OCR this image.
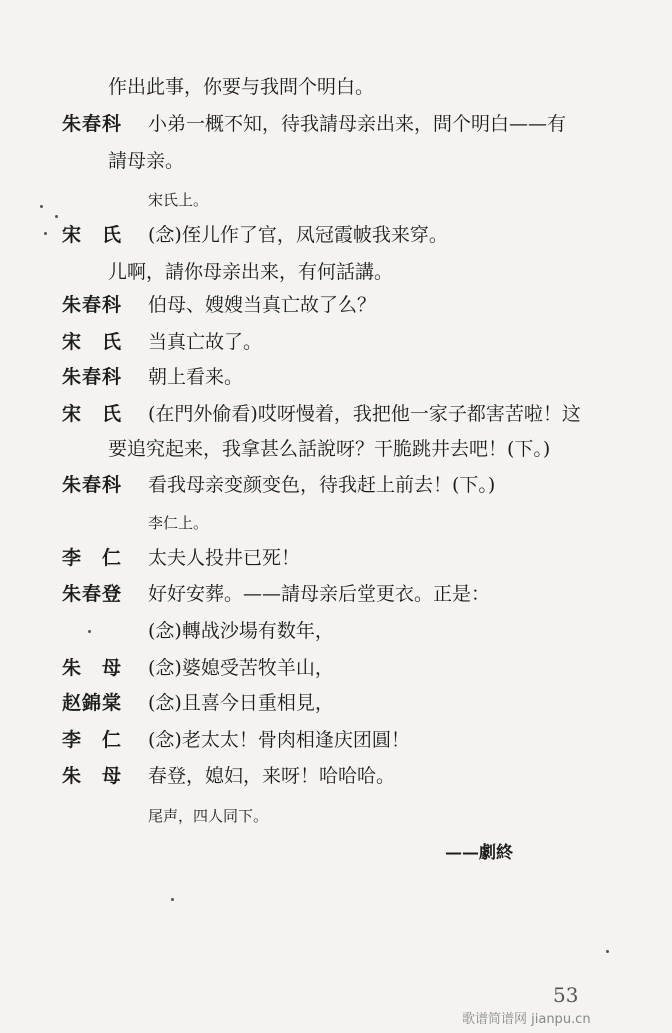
作出此事，你要与我問个明白。
朱春科 小弟一概不知，待我請母亲出来，問个明白——有
請母亲。
宋氏上。
宋　氏 (念)侄儿作了官，凤冠霞帔我来穿。
儿啊，請你母亲出来，有何話講。
朱春科 伯母、嫂嫂当真亡故了么？
宋　氏 当真亡故了。
朱春科 朝上看来。
宋　氏 (在門外偷看)哎呀慢着，我把他一家子都害苦啦！这
要追究起来，我拿甚么話說呀？干脆跳井去吧！(下。)
朱春科 看我母亲变颜变色，待我赶上前去！(下。)
李仁上。
李　仁 太夫人投井已死！
朱春登 好好安葬。——請母亲后堂更衣。正是：
(念)轉战沙場有数年，
朱　母 (念)婆媳受苦牧羊山，
赵錦棠 (念)且喜今日重相見，
李　仁 (念)老太太！骨肉相逢庆团圓！
朱　母 春登，媳妇，来呀！哈哈哈。
尾声，四人同下。
——劇終
53
歌谱简谱网 jianpu.cn
